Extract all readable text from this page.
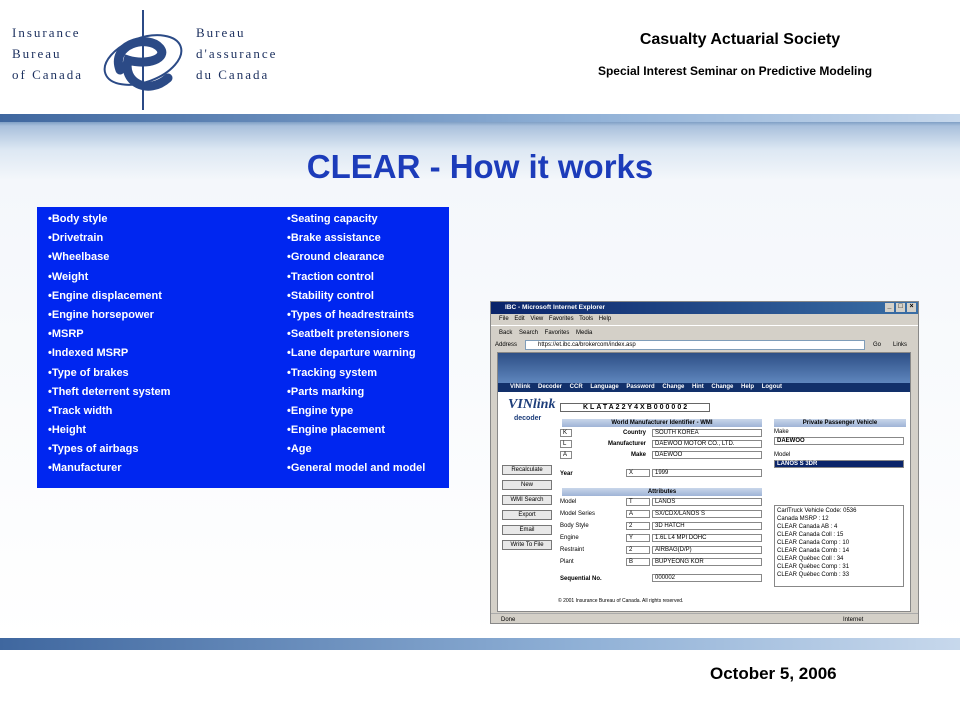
Insurance
Bureau
of Canada
Bureau
d'assurance
du Canada
Casualty Actuarial Society
Special Interest Seminar on Predictive Modeling
CLEAR - How it works
•Body style
•Drivetrain
•Wheelbase
•Weight
•Engine displacement
•Engine horsepower
•MSRP
•Indexed MSRP
•Type of brakes
•Theft deterrent system
•Track width
•Height
•Types of airbags
•Manufacturer
•Seating capacity
•Brake assistance
•Ground clearance
•Traction control
•Stability control
•Types of headrestraints
•Seatbelt pretensioners
•Lane departure warning
•Tracking system
•Parts marking
•Engine type
•Engine placement
•Age
•General model and model
IBC - Microsoft Internet Explorer	_ □ ×
File Edit View Favorites Tools Help
Back Search Favorites Media
Address	https://et.ibc.ca/brokercom/index.asp	Go Links
VINlink Decoder CCR Language Password Change Hint Change Help Logout
VINlink
decoder
KLATA22Y4XB000002
World Manufacturer Identifier - WMI
Year	X	1999
Attributes
Sequential No.	000002
Private Passenger Vehicle
Make
DAEWOO
Model
LANOS S 3DR
CarlTruck Vehicle Code: 0536
Canada MSRP : 12
CLEAR Canada AB : 4
CLEAR Canada Coll : 15
CLEAR Canada Comp : 10
CLEAR Canada Comb : 14
CLEAR Québec Coll : 34
CLEAR Québec Comp : 31
CLEAR Québec Comb : 33
© 2001 Insurance Bureau of Canada. All rights reserved.
K	Country	SOUTH KOREA
L	Manufacturer	DAEWOO MOTOR CO., LTD.
A	Make	DAEWOO
Model	T	LANOS
Model Series	A	SX/CDX/LANOS S
Body Style	2	3D HATCH
Engine	Y	1.6L L4 MPI DOHC
Restraint	2	AIRBAG(D/P)
Plant	B	BUPYEONG KOR
Recalculate
New
WMI Search
Export
Email
Write To File
Done	Internet
October 5, 2006
